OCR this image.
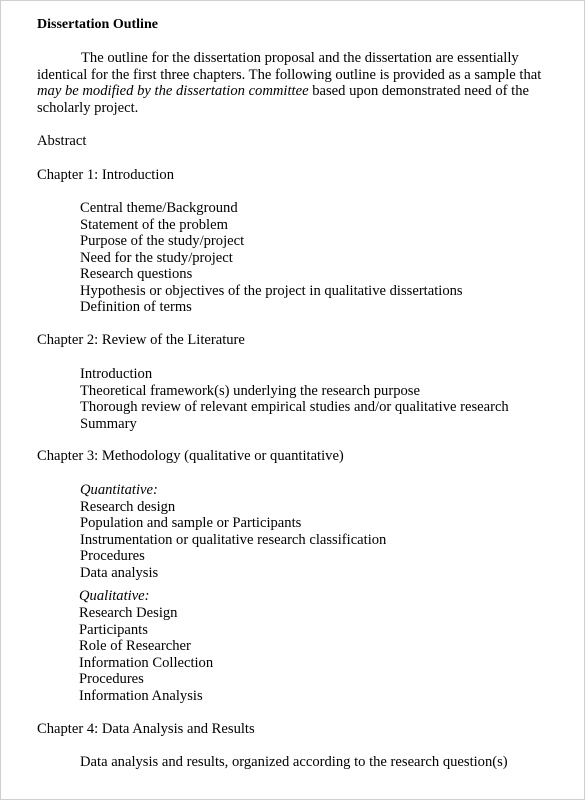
Dissertation Outline
The outline for the dissertation proposal and the dissertation are essentially
identical for the first three chapters. The following outline is provided as a sample that
may be modified by the dissertation committee based upon demonstrated need of the
scholarly project.
Abstract
Chapter 1: Introduction
Central theme/Background
Statement of the problem
Purpose of the study/project
Need for the study/project
Research questions
Hypothesis or objectives of the project in qualitative dissertations
Definition of terms
Chapter 2: Review of the Literature
Introduction
Theoretical framework(s) underlying the research purpose
Thorough review of relevant empirical studies and/or qualitative research
Summary
Chapter 3: Methodology (qualitative or quantitative)
Quantitative:
Research design
Population and sample or Participants
Instrumentation or qualitative research classification
Procedures
Data analysis
Qualitative:
Research Design
Participants
Role of Researcher
Information Collection
Procedures
Information Analysis
Chapter 4: Data Analysis and Results
Data analysis and results, organized according to the research question(s)
